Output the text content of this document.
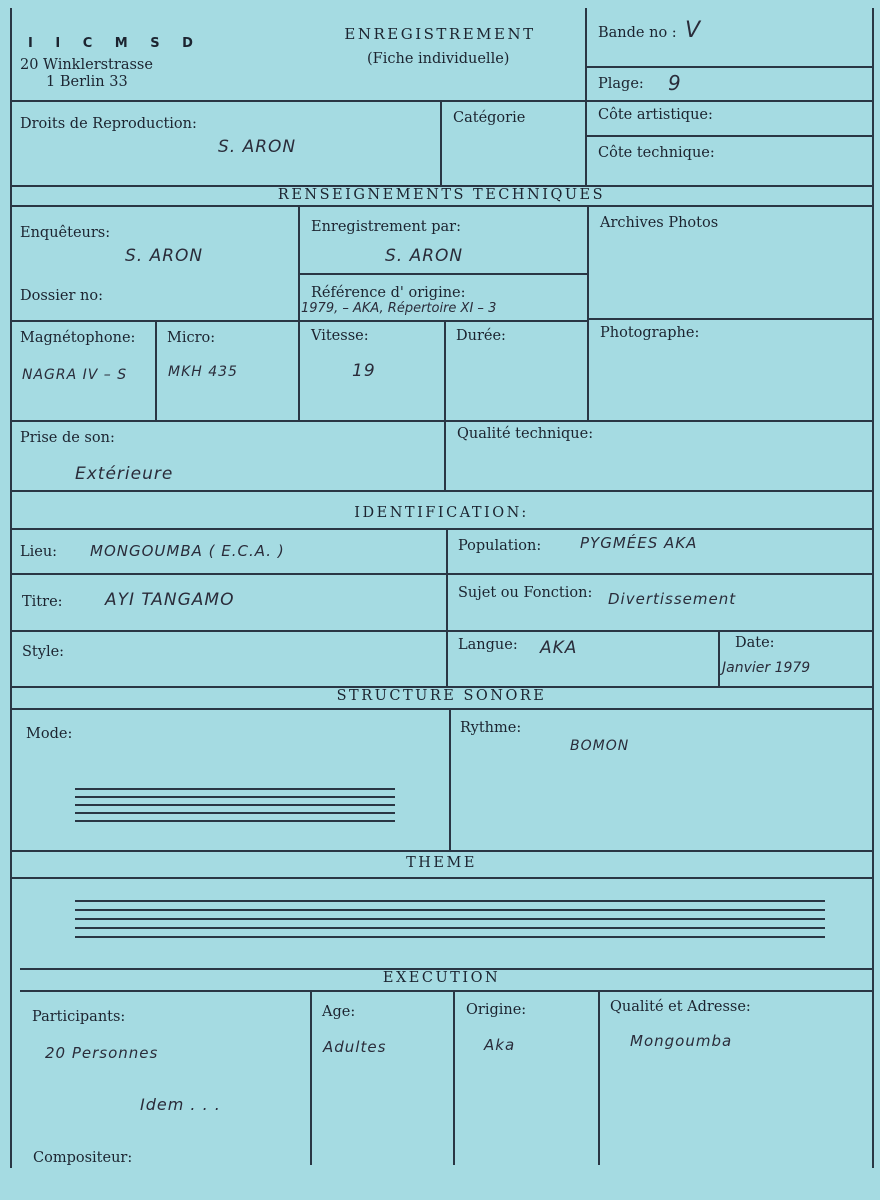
I I C M S D
20 Winklerstrasse
1 Berlin 33
ENREGISTREMENT
(Fiche individuelle)
Bande no : V
Plage: 9
Droits de Reproduction:
S. ARON
Catégorie	Côte artistique:
Côte technique:
RENSEIGNEMENTS TECHNIQUES
Enquêteurs:
S. ARON
Enregistrement par:
S. ARON
Archives Photos
Dossier no:	Référence d' origine:
1979, – AKA, Répertoire XI – 3
Magnétophone:
NAGRA IV – S
Micro:
MKH 435
Vitesse:
19
Durée:	Photographe:
Prise de son:
Extérieure
Qualité technique:
IDENTIFICATION:
Lieu: MONGOUMBA ( E.C.A. )	Population:	PYGMÉES AKA
Titre: AYI TANGAMO	Sujet ou Fonction: Divertissement
Style:	Langue: AKA	Date:
Janvier 1979
STRUCTURE SONORE
Mode:	Rythme:
BOMON
THEME
EXECUTION
Participants:
20 Personnes
Idem . . .
Age:
Adultes
Origine:
Aka
Qualité et Adresse:
Mongoumba
Compositeur:
